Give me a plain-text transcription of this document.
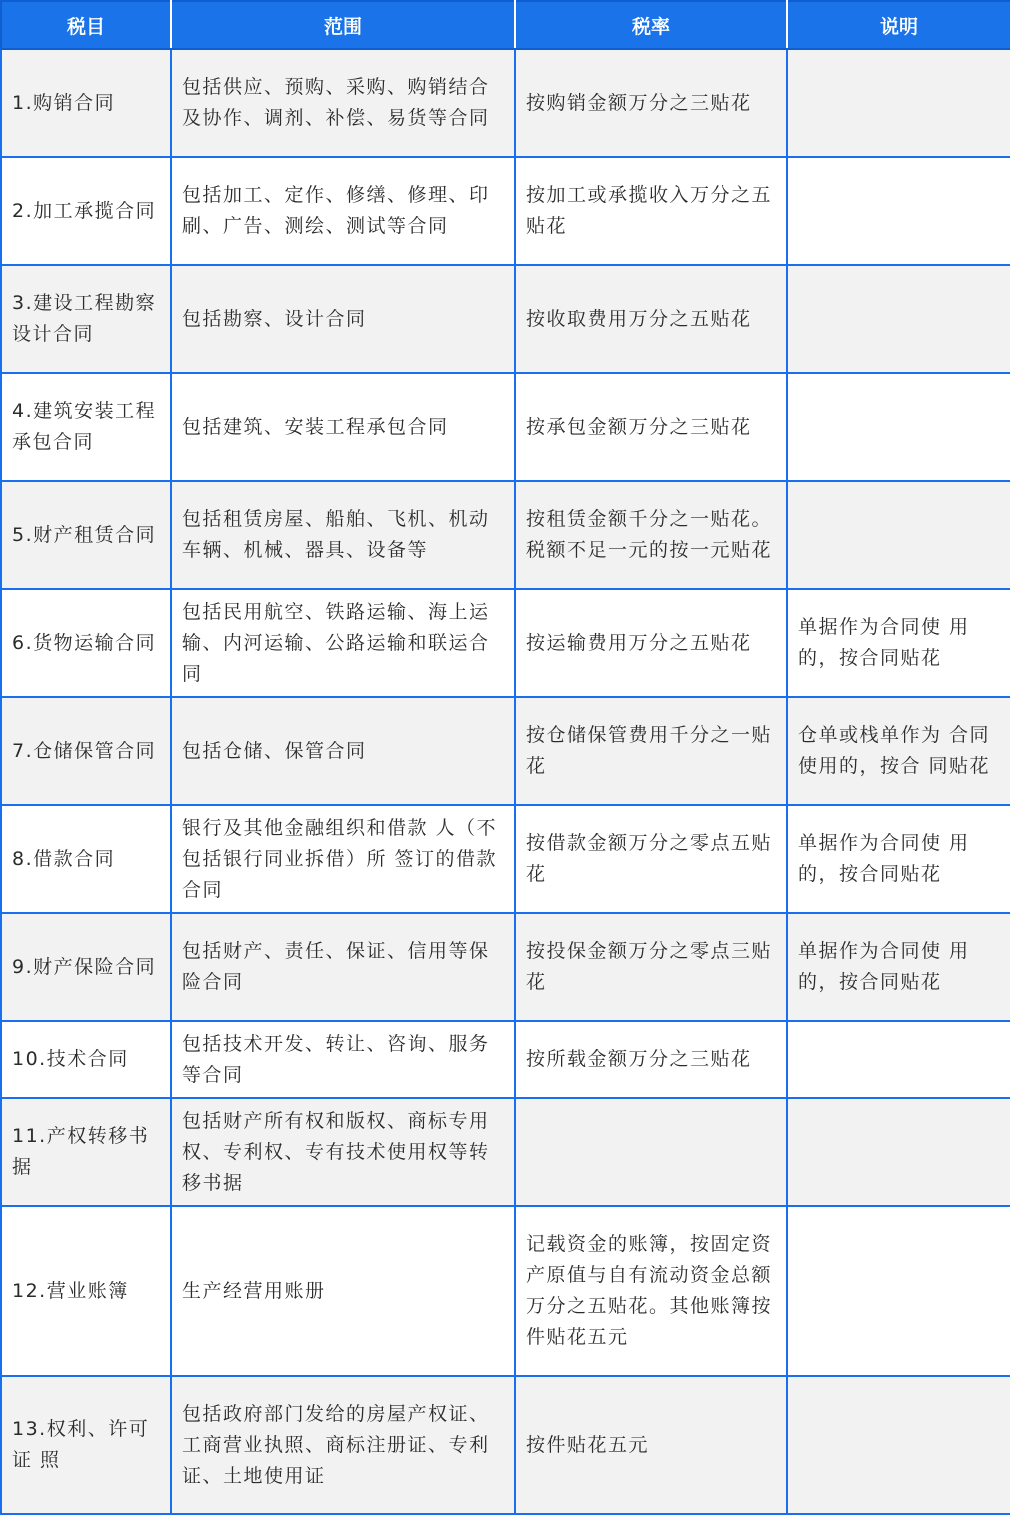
税目	范围	税率	说明
1.购销合同	包括供应、预购、采购、购销结合及协作、调剂、补偿、易货等合同	按购销金额万分之三贴花	
2.加工承揽合同	包括加工、定作、修缮、修理、印刷、广告、测绘、测试等合同	按加工或承揽收入万分之五贴花	
3.建设工程勘察设计合同	包括勘察、设计合同	按收取费用万分之五贴花	
4.建筑安装工程承包合同	包括建筑、安装工程承包合同	按承包金额万分之三贴花	
5.财产租赁合同	包括租赁房屋、船舶、飞机、机动车辆、机械、器具、设备等	按租赁金额千分之一贴花。税额不足一元的按一元贴花	
6.货物运输合同	包括民用航空、铁路运输、海上运输、内河运输、公路运输和联运合同	按运输费用万分之五贴花	单据作为合同使 用的，按合同贴花
7.仓储保管合同	包括仓储、保管合同	按仓储保管费用千分之一贴花	仓单或栈单作为 合同使用的，按合 同贴花
8.借款合同	银行及其他金融组织和借款 人（不包括银行同业拆借）所 签订的借款合同	按借款金额万分之零点五贴花	单据作为合同使 用的，按合同贴花
9.财产保险合同	包括财产、责任、保证、信用等保险合同	按投保金额万分之零点三贴花	单据作为合同使 用的，按合同贴花
10.技术合同	包括技术开发、转让、咨询、服务等合同	按所载金额万分之三贴花	
11.产权转移书据	包括财产所有权和版权、商标专用权、专利权、专有技术使用权等转移书据		
12.营业账簿	生产经营用账册	记载资金的账簿，按固定资产原值与自有流动资金总额万分之五贴花。其他账簿按件贴花五元	
13.权利、许可证 照	包括政府部门发给的房屋产权证、工商营业执照、商标注册证、专利证、土地使用证	按件贴花五元	
